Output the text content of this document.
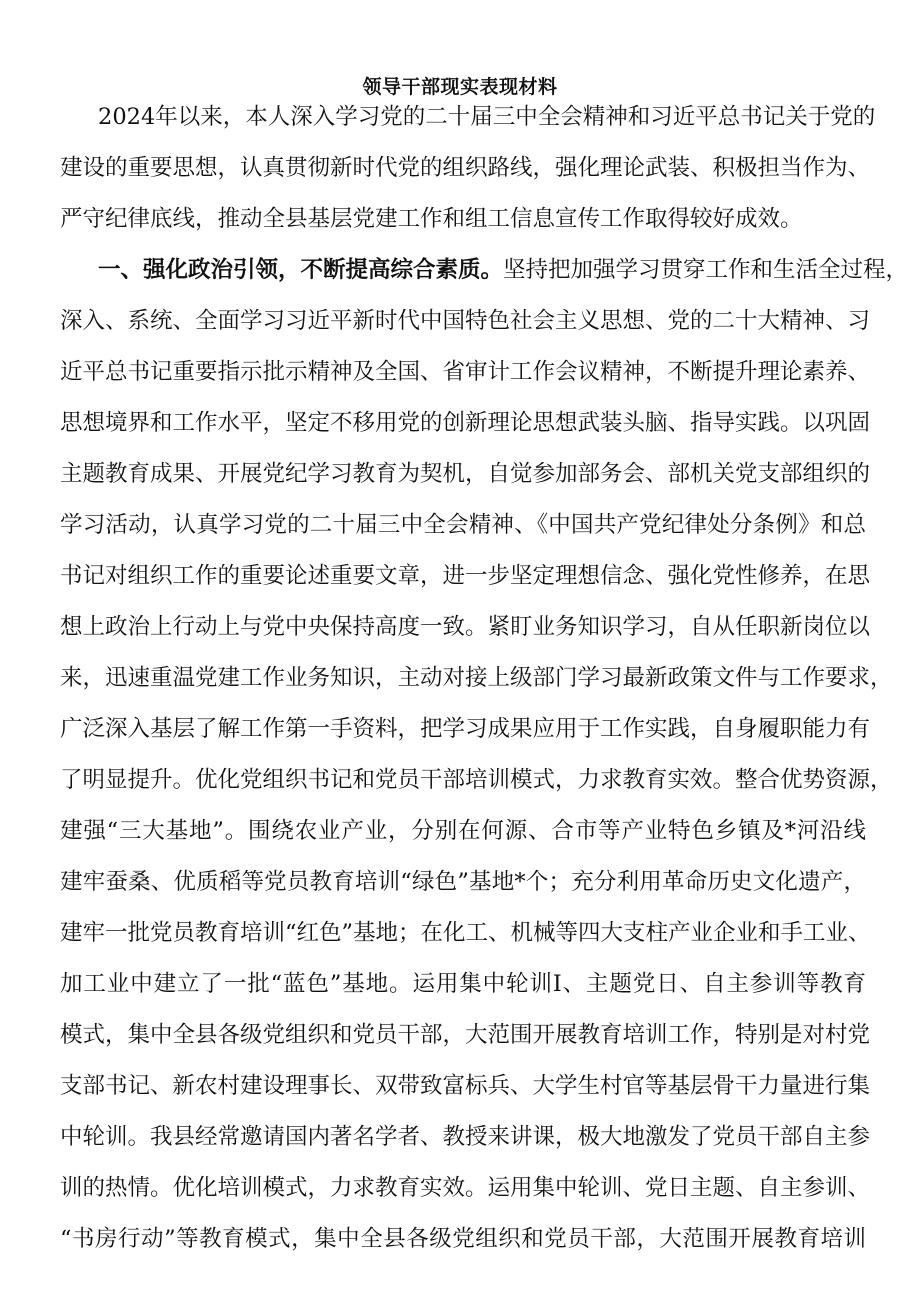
领导干部现实表现材料
2024年以来，本人深入学习党的二十届三中全会精神和习近平总书记关于党的
建设的重要思想，认真贯彻新时代党的组织路线，强化理论武装、积极担当作为、
严守纪律底线，推动全县基层党建工作和组工信息宣传工作取得较好成效。
一、强化政治引领，不断提高综合素质。坚持把加强学习贯穿工作和生活全过程，
深入、系统、全面学习习近平新时代中国特色社会主义思想、党的二十大精神、习
近平总书记重要指示批示精神及全国、省审计工作会议精神，不断提升理论素养、
思想境界和工作水平，坚定不移用党的创新理论思想武装头脑、指导实践。以巩固
主题教育成果、开展党纪学习教育为契机，自觉参加部务会、部机关党支部组织的
学习活动，认真学习党的二十届三中全会精神、《中国共产党纪律处分条例》和总
书记对组织工作的重要论述重要文章，进一步坚定理想信念、强化党性修养，在思
想上政治上行动上与党中央保持高度一致。紧盯业务知识学习，自从任职新岗位以
来，迅速重温党建工作业务知识，主动对接上级部门学习最新政策文件与工作要求，
广泛深入基层了解工作第一手资料，把学习成果应用于工作实践，自身履职能力有
了明显提升。优化党组织书记和党员干部培训模式，力求教育实效。整合优势资源，
建强“三大基地”。围绕农业产业，分别在何源、合市等产业特色乡镇及*河沿线
建牢蚕桑、优质稻等党员教育培训“绿色”基地*个；充分利用革命历史文化遗产，
建牢一批党员教育培训“红色”基地；在化工、机械等四大支柱产业企业和手工业、
加工业中建立了一批“蓝色”基地。运用集中轮训I、主题党日、自主参训等教育
模式，集中全县各级党组织和党员干部，大范围开展教育培训工作，特别是对村党
支部书记、新农村建设理事长、双带致富标兵、大学生村官等基层骨干力量进行集
中轮训。我县经常邀请国内著名学者、教授来讲课，极大地激发了党员干部自主参
训的热情。优化培训模式，力求教育实效。运用集中轮训、党日主题、自主参训、
“书房行动”等教育模式，集中全县各级党组织和党员干部，大范围开展教育培训
